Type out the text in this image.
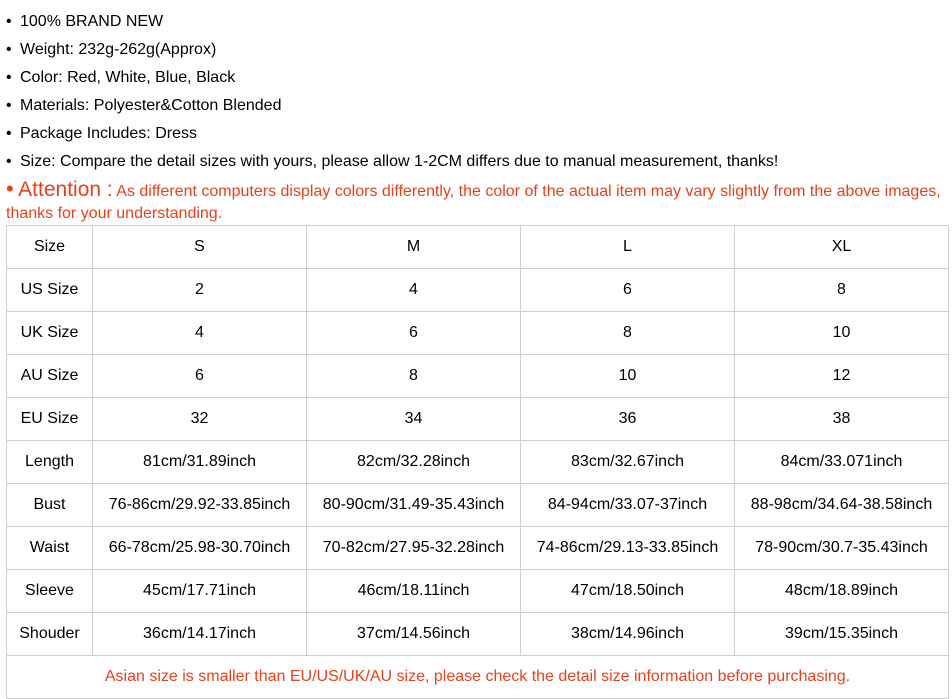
• 100% BRAND NEW
• Weight: 232g-262g(Approx)
• Color: Red, White, Blue, Black
• Materials: Polyester&Cotton Blended
• Package Includes: Dress
• Size: Compare the detail sizes with yours, please allow 1-2CM differs due to manual measurement, thanks!
• Attention : As different computers display colors differently, the color of the actual item may vary slightly from the above images, thanks for your understanding.
Size	S	M	L	XL
US Size	2	4	6	8
UK Size	4	6	8	10
AU Size	6	8	10	12
EU Size	32	34	36	38
Length	81cm/31.89inch	82cm/32.28inch	83cm/32.67inch	84cm/33.071inch
Bust	76-86cm/29.92-33.85inch	80-90cm/31.49-35.43inch	84-94cm/33.07-37inch	88-98cm/34.64-38.58inch
Waist	66-78cm/25.98-30.70inch	70-82cm/27.95-32.28inch	74-86cm/29.13-33.85inch	78-90cm/30.7-35.43inch
Sleeve	45cm/17.71inch	46cm/18.11inch	47cm/18.50inch	48cm/18.89inch
Shouder	36cm/14.17inch	37cm/14.56inch	38cm/14.96inch	39cm/15.35inch
Asian size is smaller than EU/US/UK/AU size, please check the detail size information before purchasing.				
